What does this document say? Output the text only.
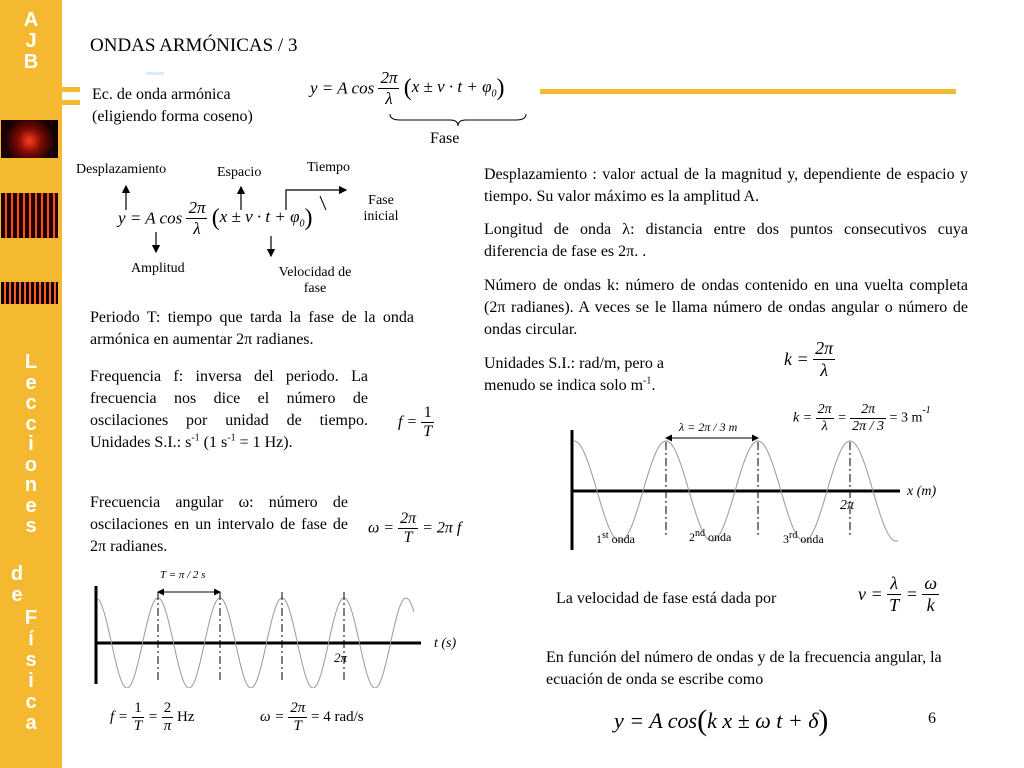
A
J
B
L
e
c
c
i
o
n
e
s

d
e
F
í
s
i
c
a
ONDAS ARMÓNICAS / 3
Ec. de onda armónica
(eligiendo forma coseno)
y = A $\cos \frac{2\pi}{\lambda} (x \pm v \cdot t + \varphi_0)$
Fase
Desplazamiento	Espacio	Tiempo
Fase
inicial
Amplitud	Velocidad de
fase
y = A $\cos \frac{2\pi}{\lambda} (x \pm v \cdot t + \varphi_0)$
Periodo T: tiempo que tarda la fase de la onda armónica en aumentar 2π radianes.
Frequencia f: inversa del periodo. La frecuencia nos dice el número de oscilaciones por unidad de tiempo. Unidades S.I.: $s^{-1}$ (1 $s^{-1} = 1$ Hz).
$f = \frac{1}{T}$
Frecuencia angular ω: número de oscilaciones en un intervalo de fase de 2π radianes.
$\omega = \frac{2\pi}{T} = 2\pi$ f
Desplazamiento : valor actual de la magnitud y, dependiente de espacio y tiempo. Su valor máximo es la amplitud A.
Longitud de onda λ: distancia entre dos puntos consecutivos cuya diferencia de fase es 2π. .
Número de ondas k: número de ondas contenido en una vuelta completa (2π radianes). A veces se le llama número de ondas angular o número de ondas circular.
Unidades S.I.: rad/m, pero a menudo se indica solo $m^{-1}$.
$k = \frac{2\pi}{\lambda}$
$k = \frac{2\pi}{\lambda} = \frac{2\pi}{2\pi / 3} = 3$ $m^{-1}$
λ = 2π / 3 m
x (m)
2π
1st onda	2nd onda	3rd onda
La velocidad de fase está dada por	$v = \frac{\lambda}{T} = \frac{\omega}{k}$
En función del número de ondas y de la frecuencia angular, la ecuación de onda se escribe como
y = A cos(k x ± ω t + δ)	6
T = π / 2 s
t (s)
2π
$f = \frac{1}{T} = \frac{2}{\pi}$ Hz	$\omega = \frac{2\pi}{T} = 4$ rad/s
